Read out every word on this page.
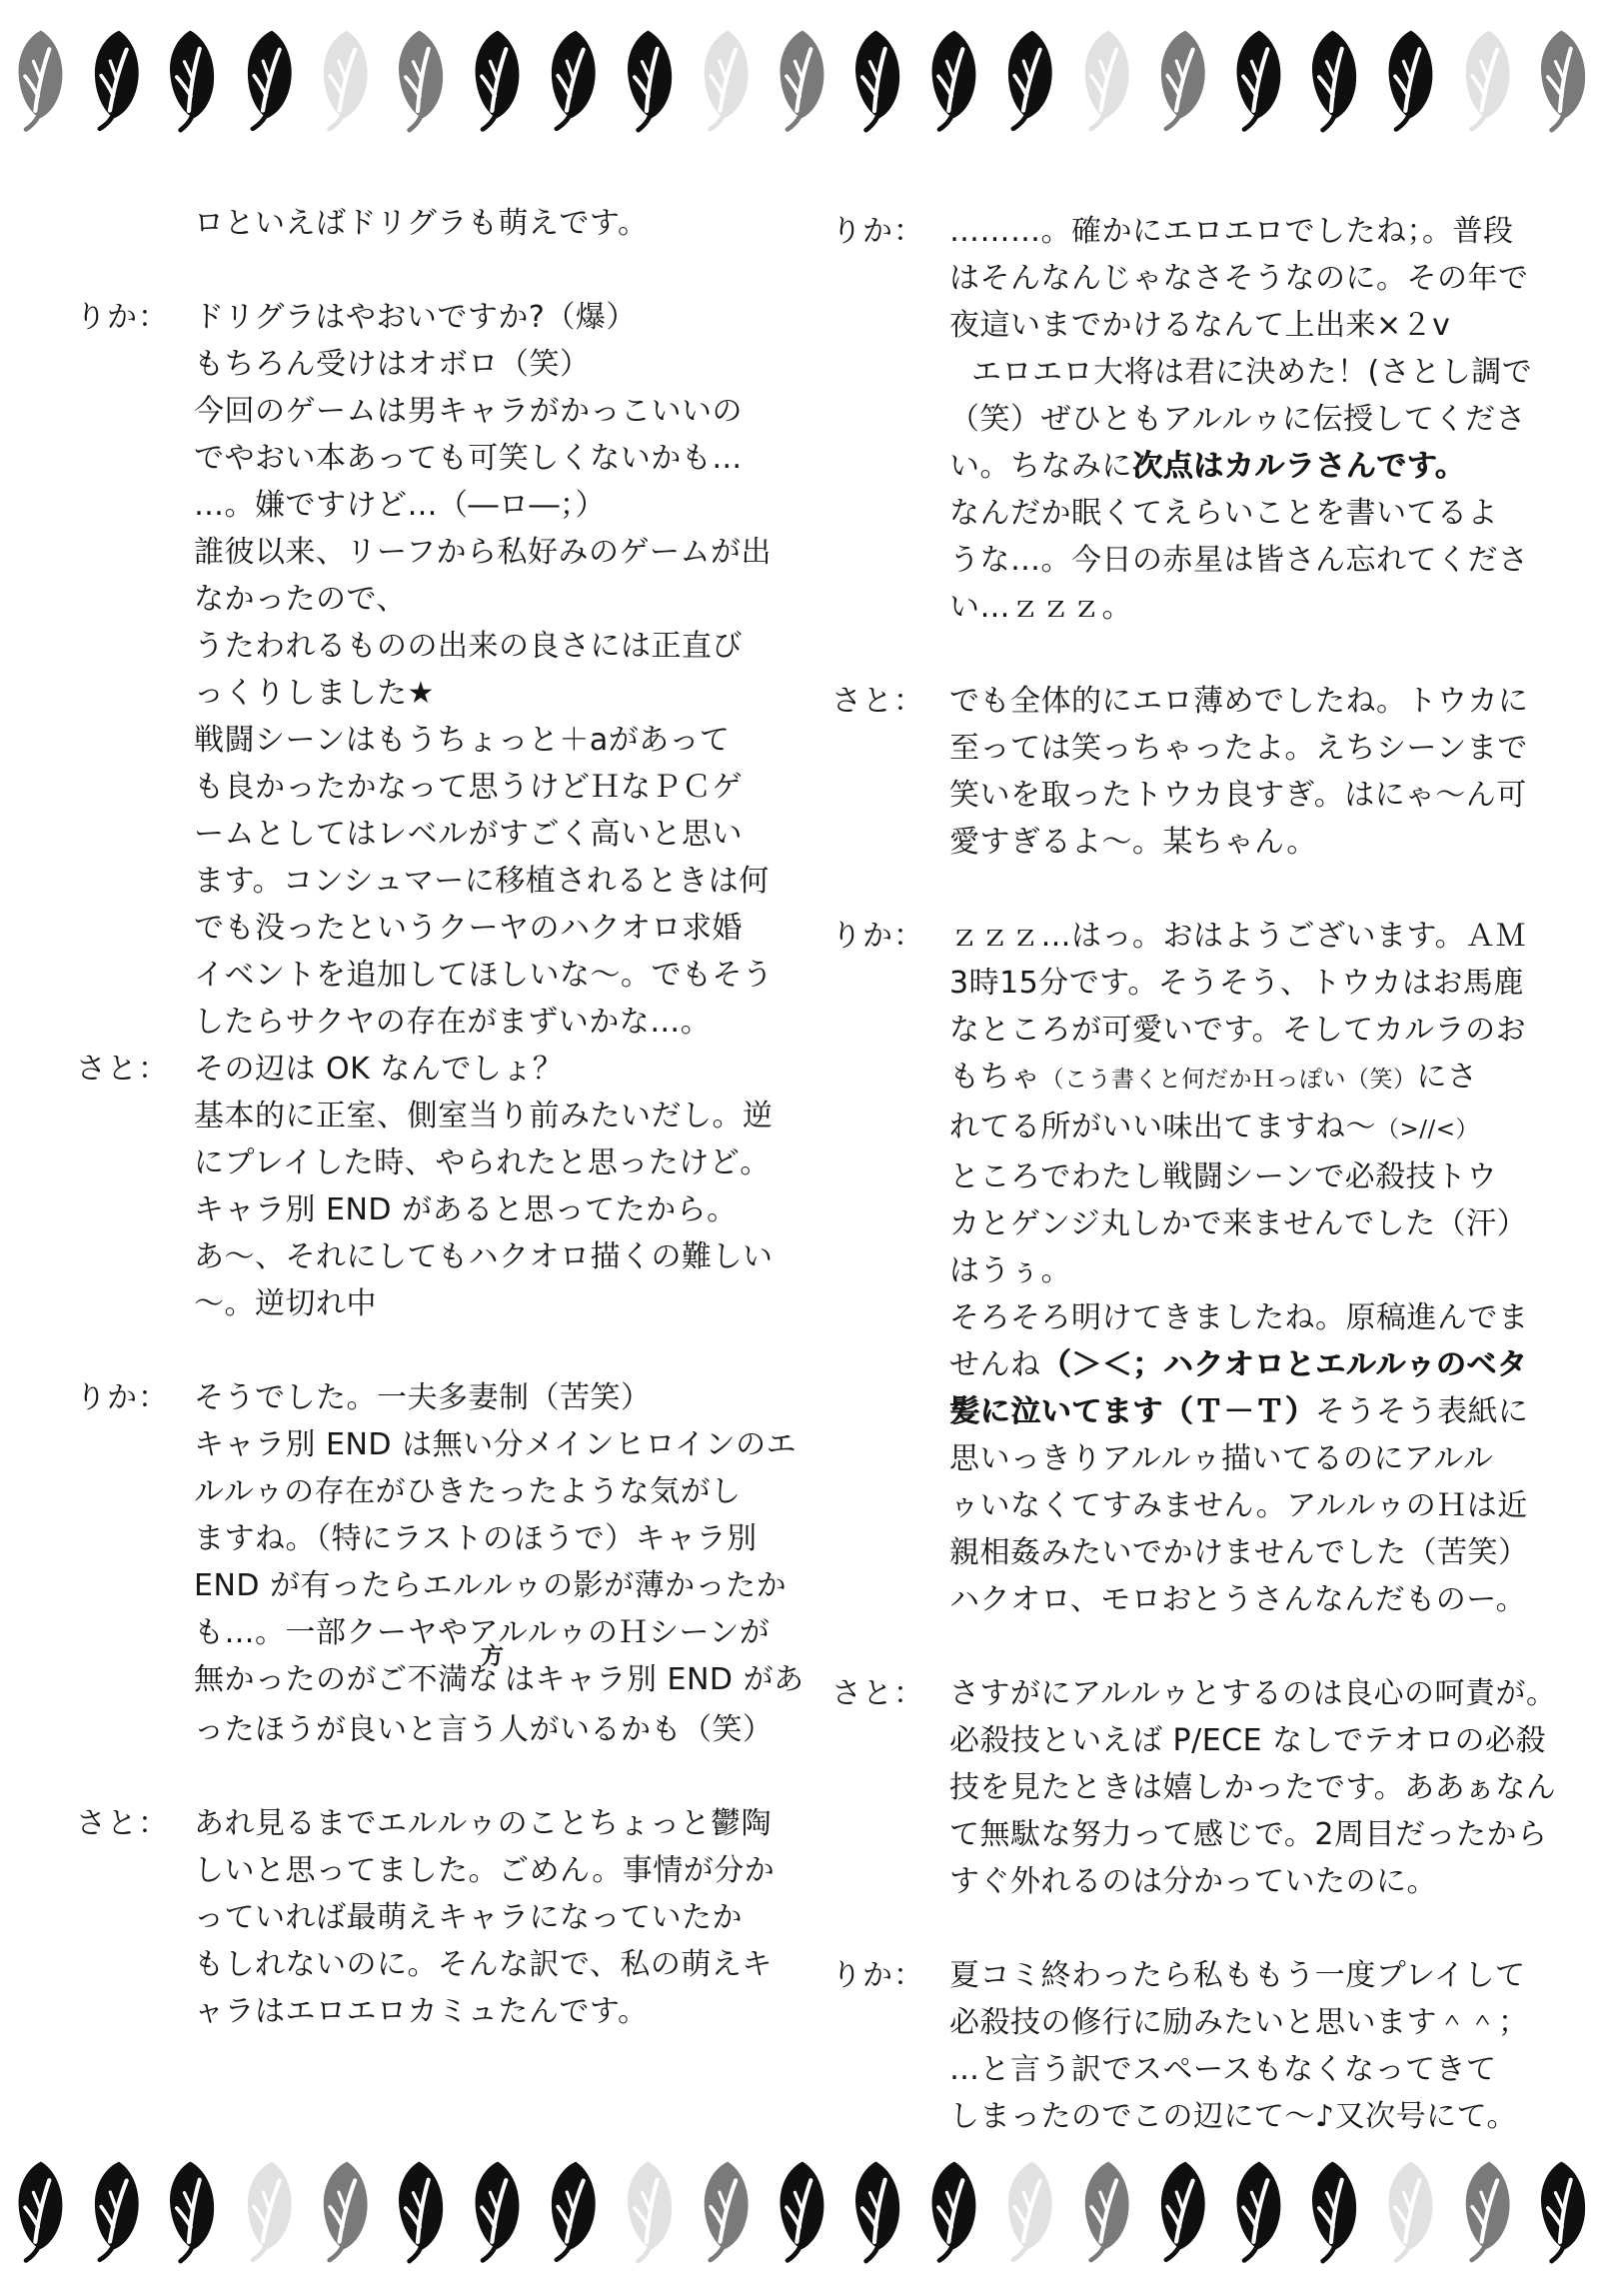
ロといえばドリグラも萌えです。
りか： ドリグラはやおいですか?（爆）
もちろん受けはオボロ（笑）
今回のゲームは男キャラがかっこいいの
でやおい本あっても可笑しくないかも…
…。嫌ですけど…（―ロ―；）
誰彼以来、リーフから私好みのゲームが出
なかったので、
うたわれるものの出来の良さには正直び
っくりしました★
戦闘シーンはもうちょっと＋aがあって
も良かったかなって思うけどＨなＰＣゲ
ームとしてはレベルがすごく高いと思い
ます。コンシュマーに移植されるときは何
でも没ったというクーヤのハクオロ求婚
イベントを追加してほしいな〜。でもそう
したらサクヤの存在がまずいかな…。
さと： その辺は OK なんでしょ？
基本的に正室、側室当り前みたいだし。逆
にプレイした時、やられたと思ったけど。
キャラ別 END があると思ってたから。
あ〜、それにしてもハクオロ描くの難しい
〜。逆切れ中
りか： そうでした。一夫多妻制（苦笑）
キャラ別 END は無い分メインヒロインのエ
ルルゥの存在がひきたったような気がし
ますね。（特にラストのほうで）キャラ別
END が有ったらエルルゥの影が薄かったか
も…。一部クーヤやアルルゥのＨシーンが
無かったのがご不満な方はキャラ別 END があ
ったほうが良いと言う人がいるかも（笑）
さと： あれ見るまでエルルゥのことちょっと鬱陶
しいと思ってました。ごめん。事情が分か
っていれば最萌えキャラになっていたか
もしれないのに。そんな訳で、私の萌えキ
ャラはエロエロカミュたんです。
りか： ………。確かにエロエロでしたね；。普段
はそんなんじゃなさそうなのに。その年で
夜這いまでかけるなんて上出来×２v
エロエロ大将は君に決めた！(さとし調で
（笑）ぜひともアルルゥに伝授してくださ
い。ちなみに次点はカルラさんです。
なんだか眠くてえらいことを書いてるよ
うな…。今日の赤星は皆さん忘れてくださ
い…ｚｚｚ。
さと： でも全体的にエロ薄めでしたね。トウカに
至っては笑っちゃったよ。えちシーンまで
笑いを取ったトウカ良すぎ。はにゃ〜ん可
愛すぎるよ〜。某ちゃん。
りか： ｚｚｚ…はっ。おはようございます。ＡＭ
3時15分です。そうそう、トウカはお馬鹿
なところが可愛いです。そしてカルラのお
もちゃ（こう書くと何だかＨっぽい（笑）にさ
れてる所がいい味出てますね〜（>//<）
ところでわたし戦闘シーンで必殺技トウ
カとゲンジ丸しかで来ませんでした（汗）
はうぅ。
そろそろ明けてきましたね。原稿進んでま
せんね（＞＜；ハクオロとエルルゥのベタ
髪に泣いてます（Ｔ－Ｔ）そうそう表紙に
思いっきりアルルゥ描いてるのにアルル
ゥいなくてすみません。アルルゥのＨは近
親相姦みたいでかけませんでした（苦笑）
ハクオロ、モロおとうさんなんだものー。
さと： さすがにアルルゥとするのは良心の呵責が。
必殺技といえば P/ECE なしでテオロの必殺
技を見たときは嬉しかったです。ああぁなん
て無駄な努力って感じで。2周目だったから
すぐ外れるのは分かっていたのに。
りか： 夏コミ終わったら私ももう一度プレイして
必殺技の修行に励みたいと思います＾＾；
…と言う訳でスペースもなくなってきて
しまったのでこの辺にて〜♪又次号にて。
